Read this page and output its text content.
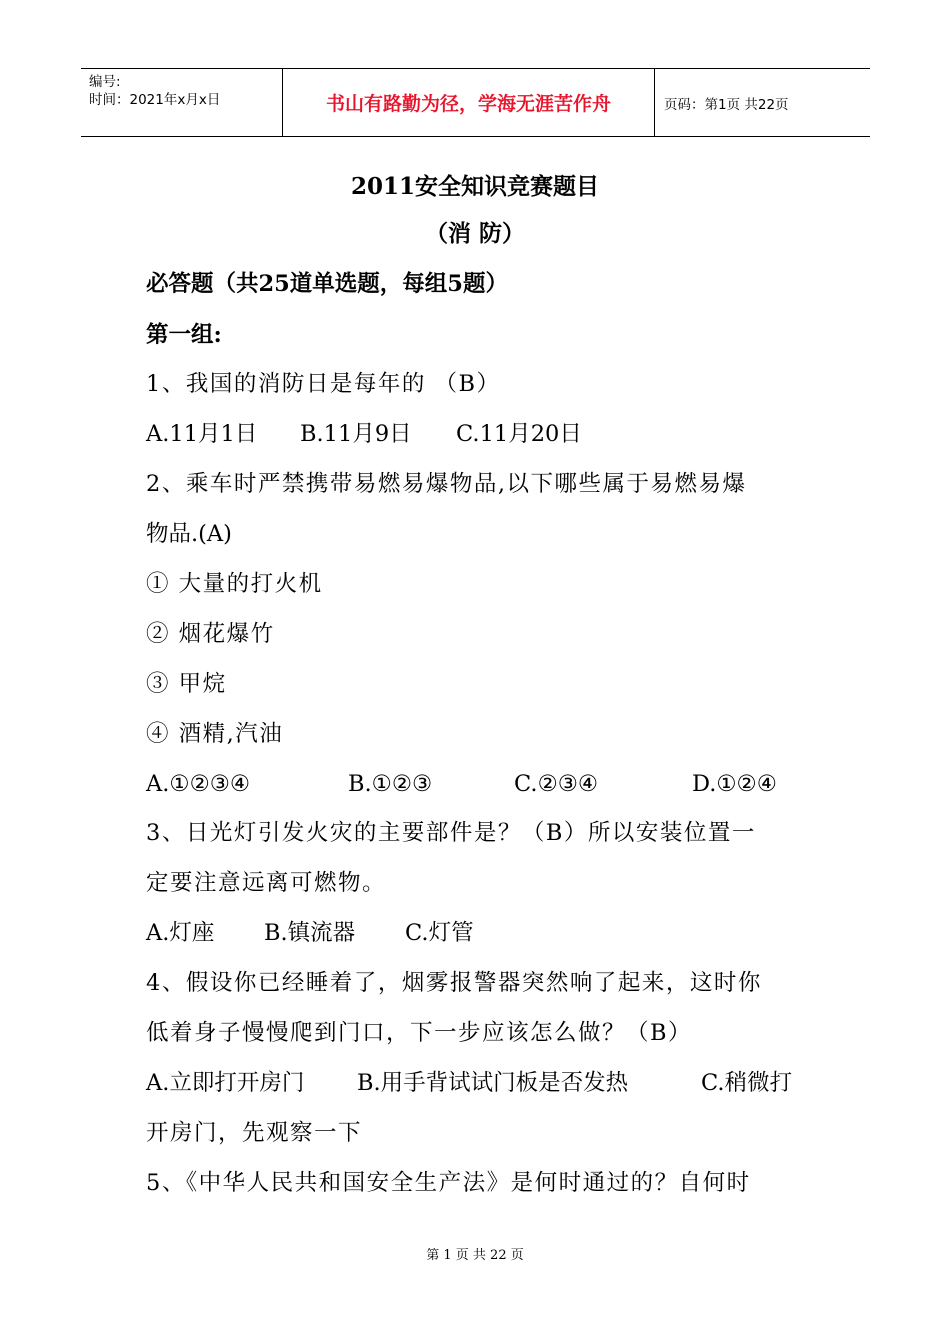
编号:
时间：2021年x月x日	书山有路勤为径，学海无涯苦作舟	页码：第1页 共22页
2011安全知识竞赛题目
（消 防）
必答题（共25道单选题，每组5题）
第一组:
1、我国的消防日是每年的 （B）
A.11月1日 B.11月9日 C.11月20日
2、乘车时严禁携带易燃易爆物品,以下哪些属于易燃易爆
物品.(A)
① 大量的打火机
② 烟花爆竹
③ 甲烷
④ 酒精,汽油
A.①②③④	B.①②③	C.②③④	D.①②④
3、日光灯引发火灾的主要部件是？（B）所以安装位置一
定要注意远离可燃物。
A.灯座 B.镇流器 C.灯管
4、假设你已经睡着了，烟雾报警器突然响了起来，这时你
低着身子慢慢爬到门口，下一步应该怎么做？（B）
A.立即打开房门 B.用手背试试门板是否发热	C.稍微打
开房门，先观察一下
5、《中华人民共和国安全生产法》是何时通过的？自何时
第 1 页 共 22 页
